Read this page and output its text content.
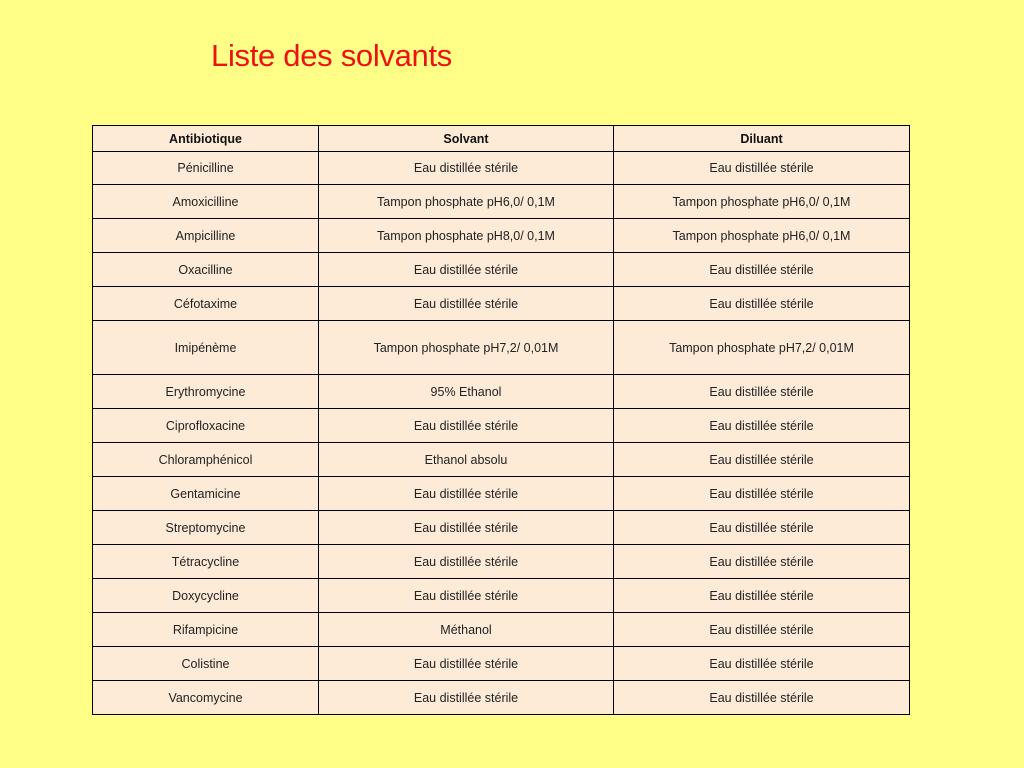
Liste des solvants
Antibiotique	Solvant	Diluant
Pénicilline	Eau distillée stérile	Eau distillée stérile
Amoxicilline	Tampon phosphate pH6,0/ 0,1M	Tampon phosphate pH6,0/ 0,1M
Ampicilline	Tampon phosphate pH8,0/ 0,1M	Tampon phosphate pH6,0/ 0,1M
Oxacilline	Eau distillée stérile	Eau distillée stérile
Céfotaxime	Eau distillée stérile	Eau distillée stérile
Imipénème	Tampon phosphate pH7,2/ 0,01M	Tampon phosphate pH7,2/ 0,01M
Erythromycine	95% Ethanol	Eau distillée stérile
Ciprofloxacine	Eau distillée stérile	Eau distillée stérile
Chloramphénicol	Ethanol absolu	Eau distillée stérile
Gentamicine	Eau distillée stérile	Eau distillée stérile
Streptomycine	Eau distillée stérile	Eau distillée stérile
Tétracycline	Eau distillée stérile	Eau distillée stérile
Doxycycline	Eau distillée stérile	Eau distillée stérile
Rifampicine	Méthanol	Eau distillée stérile
Colistine	Eau distillée stérile	Eau distillée stérile
Vancomycine	Eau distillée stérile	Eau distillée stérile
